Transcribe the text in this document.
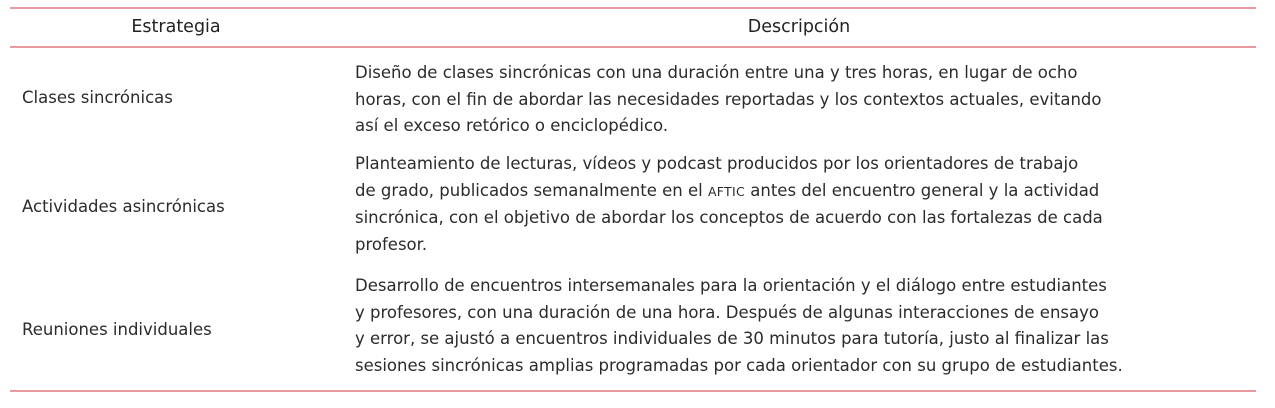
Estrategia	Descripción
Clases sincrónicas
Diseño de clases sincrónicas con una duración entre una y tres horas, en lugar de ocho
horas, con el fin de abordar las necesidades reportadas y los contextos actuales, evitando
así el exceso retórico o enciclopédico.
Actividades asincrónicas
Planteamiento de lecturas, vídeos y podcast producidos por los orientadores de trabajo
de grado, publicados semanalmente en el AFTIC antes del encuentro general y la actividad
sincrónica, con el objetivo de abordar los conceptos de acuerdo con las fortalezas de cada
profesor.
Reuniones individuales
Desarrollo de encuentros intersemanales para la orientación y el diálogo entre estudiantes
y profesores, con una duración de una hora. Después de algunas interacciones de ensayo
y error, se ajustó a encuentros individuales de 30 minutos para tutoría, justo al finalizar las
sesiones sincrónicas amplias programadas por cada orientador con su grupo de estudiantes.
